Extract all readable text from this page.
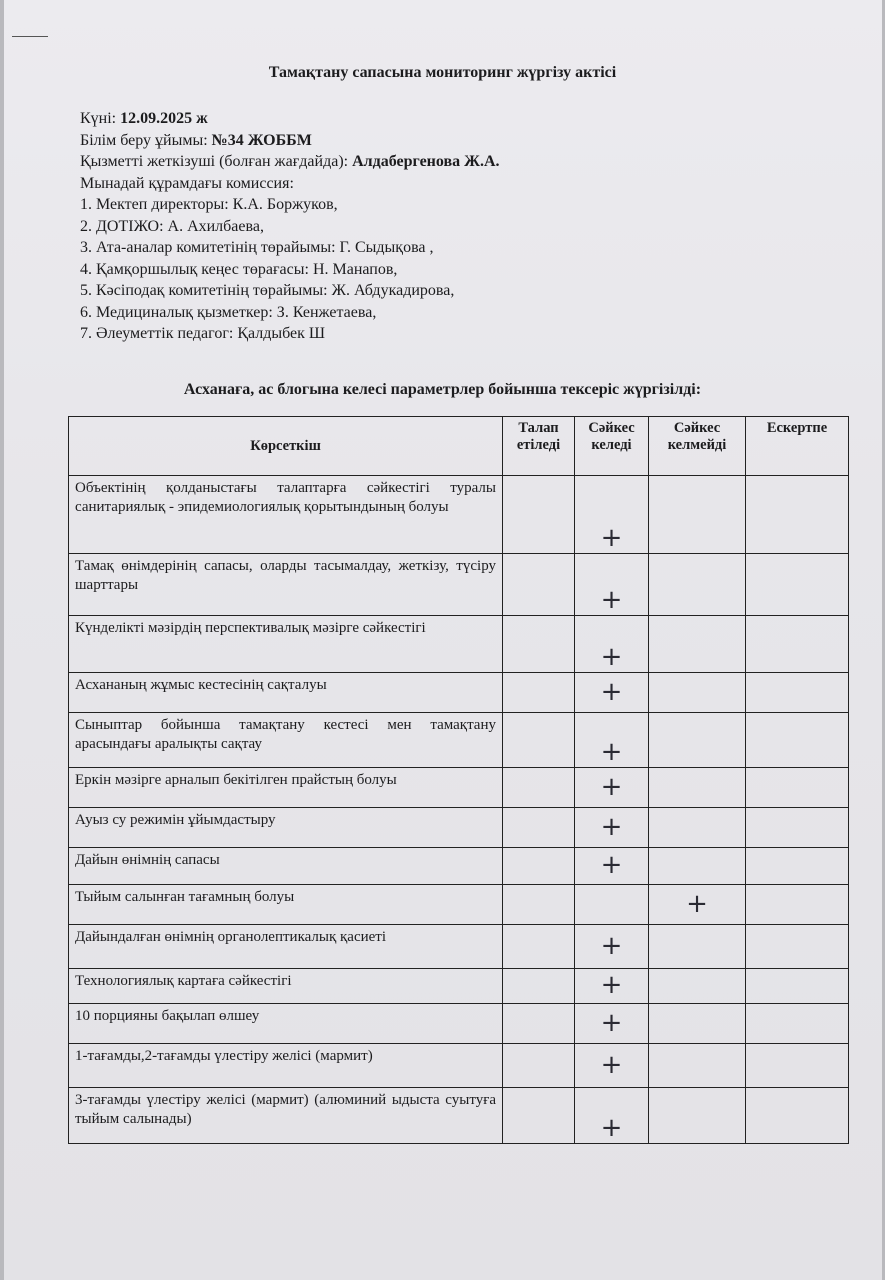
Тамақтану сапасына мониторинг жүргізу актісі
Күні: 12.09.2025 ж
Білім беру ұйымы: №34 ЖОББМ
Қызметті жеткізуші (болған жағдайда): Алдабергенова Ж.А.
Мынадай құрамдағы комиссия:
1. Мектеп директоры: К.А. Боржуков,
2. ДОТІЖО: А. Ахилбаева,
3. Ата-аналар комитетінің төрайымы: Г. Сыдықова ,
4. Қамқоршылық кеңес төрағасы: Н. Манапов,
5. Кәсіподақ комитетінің төрайымы: Ж. Абдукадирова,
6. Медициналық қызметкер: З. Кенжетаева,
7. Әлеуметтік педагог: Қалдыбек Ш
Асханаға, ас блогына келесі параметрлер бойынша тексеріс жүргізілді:
Көрсеткіш	Талап етіледі	Сәйкес келеді	Сәйкес келмейді	Ескертпе
Объектінің қолданыстағы талаптарға сәйкестігі туралы санитариялық - эпидемиологиялық қорытындының болуы		+		
Тамақ өнімдерінің сапасы, оларды тасымалдау, жеткізу, түсіру шарттары		+		
Күнделікті мәзірдің перспективалық мәзірге сәйкестігі		+		
Асхананың жұмыс кестесінің сақталуы		+		
Сыныптар бойынша тамақтану кестесі мен тамақтану арасындағы аралықты сақтау		+		
Еркін мәзірге арналып бекітілген прайстың болуы		+		
Ауыз су режимін ұйымдастыру		+		
Дайын өнімнің сапасы		+		
Тыйым салынған тағамның болуы			+	
Дайындалған өнімнің органолептикалық қасиеті		+		
Технологиялық картаға сәйкестігі		+		
10 порцияны бақылап өлшеу		+		
1-тағамды,2-тағамды үлестіру желісі (мармит)		+		
3-тағамды үлестіру желісі (мармит) (алюминий ыдыста суытуға тыйым салынады)		+		
